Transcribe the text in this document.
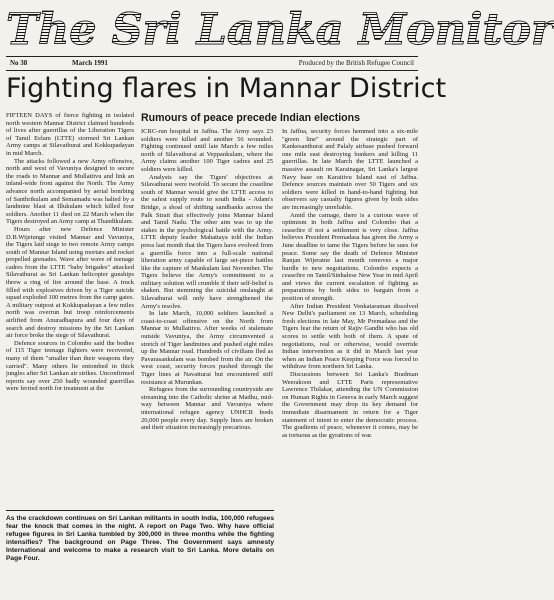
The Sri Lanka Monitor
No 38	March 1991	Produced by the British Refugee Council
Fighting flares in Mannar District

FIFTEEN DAYS of fierce fighting in isolated north western Mannar District claimed hundreds of lives after guerrillas of the Liberation Tigers of Tamil Eelam (LTTE) stormed Sri Lankan Army camps at Silavathurai and Kokkupadayan in mid March.

The attacks followed a new Army offensive, north and west of Vavuniya designed to secure the roads to Mannar and Mullaitivu and link an inland-wide front against the North. The Army advance north accompanied by aerial bombing of Santhrikulam and Semamadu was halted by a landmine blast at Illukulam which killed four soldiers. Another 11 died on 22 March when the Tigers destroyed an Army camp at Thandikulam.

Hours after new Defence Minister D.B.Wijetunge visited Mannar and Vavuniya, the Tigers laid siege to two remote Army camps south of Mannar Island using mortars and rocket propelled grenades. Wave after wave of teenage cadres from the LTTE "baby brigades" attacked Silavathurai as Sri Lankan helicopter gunships threw a ring of fire around the base. A truck filled with explosives driven by a Tiger suicide squad exploded 100 metres from the camp gates. A military outpost at Kokkupadayan a few miles north was overrun but troop reinforcements airlifted from Anuradhapura and four days of search and destroy missions by the Sri Lankan air force broke the siege of Silavathurai.

Defence sources in Colombo said the bodies of 115 Tiger teenage fighters were recovered, many of them "smaller than their weapons they carried". Many others lie entombed in thick jungles after Sri Lankan air strikes. Unconfirmed reports say over 250 badly wounded guerrillas were ferried north for treatment at the

Rumours of peace precede Indian elections

ICRC-run hospital in Jaffna. The Army says 23 soldiers were killed and another 56 wounded. Fighting continued until late March a few miles north of Silavathurai at Veppankulam, where the Army claims another 100 Tiger cadres and 25 soldiers were killed.

Analysts say the Tigers' objectives at Silavathurai were twofold. To secure the coastline south of Mannar would give the LTTE access to the safest supply route to south India - Adam's Bridge, a shoal of shifting sandbanks across the Palk Strait that effectively joins Mannar Island and Tamil Nadu. The other aim was to up the stakes in the psychological battle with the Army. LTTE deputy leader Mahattaya told the Indian press last month that the Tigers have evolved from a guerrilla force into a full-scale national liberation army capable of large set-piece battles like the capture of Mankulam last November. The Tigers believe the Army's commitment to a military solution will crumble if their self-belief is shaken. But stemming the suicidal onslaught at Silavathurai will only have strengthened the Army's resolve.

In late March, 10,000 soldiers launched a coast-to-coast offensive on the North from Mannar to Mullaitivu. After weeks of stalemate outside Vavuniya, the Army circumvented a stretch of Tiger landmines and pushed eight miles up the Mannar road. Hundreds of civilians fled as Pavarasankulam was bombed from the air. On the west coast, security forces pushed through the Tiger lines at Navatturai but encountered stiff resistance at Murunkan.

Refugees from the surrounding countryside are streaming into the Catholic shrine at Madhu, mid-way between Mannar and Vavuniya where international refugee agency UNHCR feeds 20,000 people every day. Supply lines are broken and their situation increasingly precarious.

In Jaffna, security forces hemmed into a six-mile "green line" around the strategic part of Kankesanthurai and Palaly airbase pushed forward one mile east destroying bunkers and killing 11 guerrillas. In late March the LTTE launched a massive assault on Karainagar, Sri Lanka's largest Navy base on Karaitivu Island east of Jaffna. Defence sources maintain over 50 Tigers and six soldiers were killed in hand-to-hand fighting but observers say casualty figures given by both sides are increasingly unreliable.

Amid the carnage, there is a curious wave of optimism in both Jaffna and Colombo that a ceasefire if not a settlement is very close. Jaffna believes President Premadasa has given the Army a June deadline to tame the Tigers before he sues for peace. Some say the death of Defence Minister Ranjan Wijeratne last month removes a major hurdle to new negotiations. Colombo expects a ceasefire on Tamil/Sinhalese New Year in mid April and views the current escalation of fighting as preparations by both sides to bargain from a position of strength.

After Indian President Venkataraman dissolved New Delhi's parliament on 13 March, scheduling fresh elections in late May, Mr Premadasa and the Tigers fear the return of Rajiv Gandhi who has old scores to settle with both of them. A spate of negotiations, real or otherwise, would override Indian intervention as it did in March last year when an Indian Peace Keeping Force was forced to withdraw from northern Sri Lanka.

Discussions between Sri Lanka's Bradman Weerakoon and LTTE Paris representative Lawrence Thilakar, attending the UN Commission on Human Rights in Geneva in early March suggest the Government may drop its key demand for immediate disarmament in return for a Tiger statement of intent to enter the democratic process. The gradients of peace, whenever it comes, may be as tortuous as the gyrations of war.

As the crackdown continues on Sri Lankan militants in south India, 100,000 refugees fear the knock that comes in the night. A report on Page Two. Why have official refugee figures in Sri Lanka tumbled by 300,000 in three months while the fighting intensifies? The background on Page Three. The Government says amnesty International and welcome to make a research visit to Sri Lanka. More details on Page Four.
